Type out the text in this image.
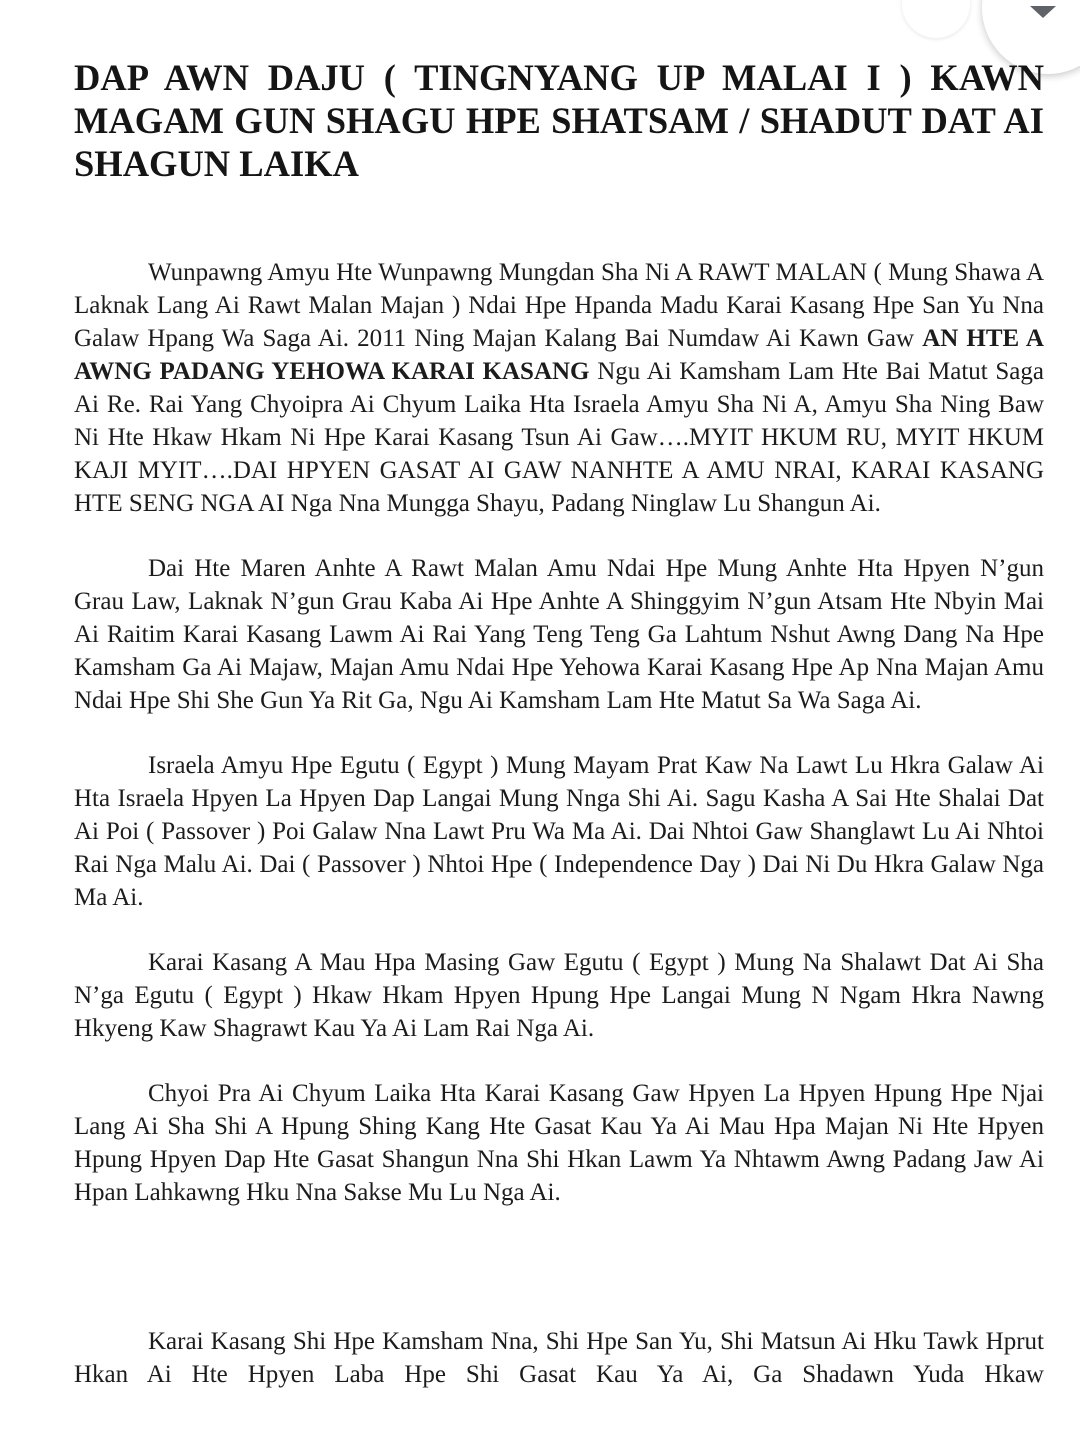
DAP AWN DAJU ( TINGNYANG UP MALAI I ) KAWN MAGAM GUN SHAGU HPE SHATSAM / SHADUT DAT AI SHAGUN LAIKA

Wunpawng Amyu Hte Wunpawng Mungdan Sha Ni A RAWT MALAN ( Mung Shawa A Laknak Lang Ai Rawt Malan Majan ) Ndai Hpe Hpanda Madu Karai Kasang Hpe San Yu Nna Galaw Hpang Wa Saga Ai. 2011 Ning Majan Kalang Bai Numdaw Ai Kawn Gaw AN HTE A AWNG PADANG YEHOWA KARAI KASANG Ngu Ai Kamsham Lam Hte Bai Matut Saga Ai Re. Rai Yang Chyoipra Ai Chyum Laika Hta Israela Amyu Sha Ni A, Amyu Sha Ning Baw Ni Hte Hkaw Hkam Ni Hpe Karai Kasang Tsun Ai Gaw….MYIT HKUM RU, MYIT HKUM KAJI MYIT….DAI HPYEN GASAT AI GAW NANHTE A AMU NRAI, KARAI KASANG HTE SENG NGA AI Nga Nna Mungga Shayu, Padang Ninglaw Lu Shangun Ai.

Dai Hte Maren Anhte A Rawt Malan Amu Ndai Hpe Mung Anhte Hta Hpyen N’gun Grau Law, Laknak N’gun Grau Kaba Ai Hpe Anhte A Shinggyim N’gun Atsam Hte Nbyin Mai Ai Raitim Karai Kasang Lawm Ai Rai Yang Teng Teng Ga Lahtum Nshut Awng Dang Na Hpe Kamsham Ga Ai Majaw, Majan Amu Ndai Hpe Yehowa Karai Kasang Hpe Ap Nna Majan Amu Ndai Hpe Shi She Gun Ya Rit Ga, Ngu Ai Kamsham Lam Hte Matut Sa Wa Saga Ai.

Israela Amyu Hpe Egutu ( Egypt ) Mung Mayam Prat Kaw Na Lawt Lu Hkra Galaw Ai Hta Israela Hpyen La Hpyen Dap Langai Mung Nnga Shi Ai. Sagu Kasha A Sai Hte Shalai Dat Ai Poi ( Passover ) Poi Galaw Nna Lawt Pru Wa Ma Ai. Dai Nhtoi Gaw Shanglawt Lu Ai Nhtoi Rai Nga Malu Ai. Dai ( Passover ) Nhtoi Hpe ( Independence Day ) Dai Ni Du Hkra Galaw Nga Ma Ai.

Karai Kasang A Mau Hpa Masing Gaw Egutu ( Egypt ) Mung Na Shalawt Dat Ai Sha N’ga Egutu ( Egypt ) Hkaw Hkam Hpyen Hpung Hpe Langai Mung N Ngam Hkra Nawng Hkyeng Kaw Shagrawt Kau Ya Ai Lam Rai Nga Ai.

Chyoi Pra Ai Chyum Laika Hta Karai Kasang Gaw Hpyen La Hpyen Hpung Hpe Njai Lang Ai Sha Shi A Hpung Shing Kang Hte Gasat Kau Ya Ai Mau Hpa Majan Ni Hte Hpyen Hpung Hpyen Dap Hte Gasat Shangun Nna Shi Hkan Lawm Ya Nhtawm Awng Padang Jaw Ai Hpan Lahkawng Hku Nna Sakse Mu Lu Nga Ai.

Karai Kasang Shi Hpe Kamsham Nna, Shi Hpe San Yu, Shi Matsun Ai Hku Tawk Hprut Hkan Ai Hte Hpyen Laba Hpe Shi Gasat Kau Ya Ai, Ga Shadawn Yuda Hkaw
